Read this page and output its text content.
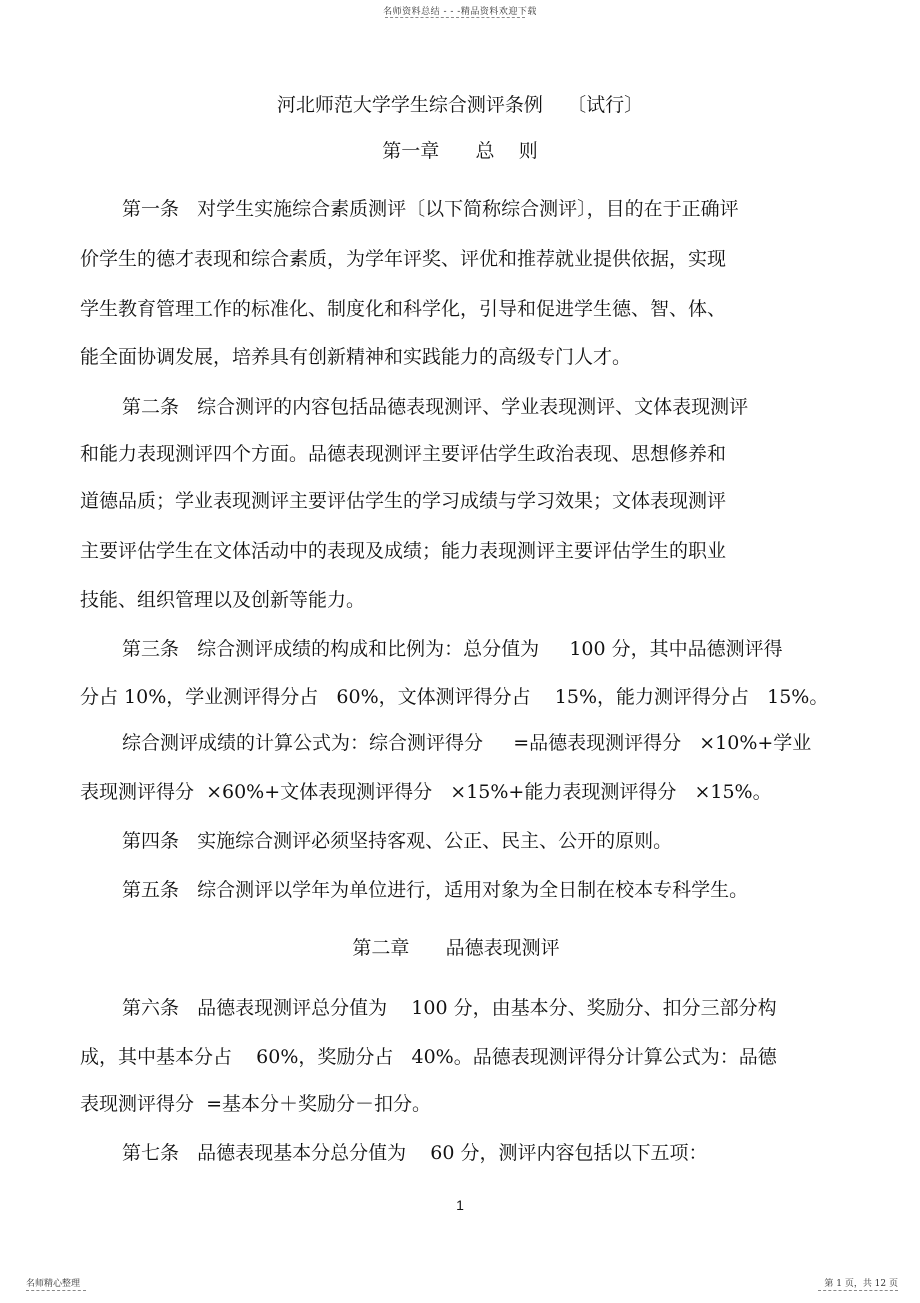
名师资料总结 - - -精品资料欢迎下载
河北师范大学学生综合测评条例    〔试行〕
第一章      总    则
第一条   对学生实施综合素质测评〔以下简称综合测评〕，目的在于正确评
价学生的德才表现和综合素质，为学年评奖、评优和推荐就业提供依据，实现
学生教育管理工作的标准化、制度化和科学化，引导和促进学生德、智、体、
能全面协调发展，培养具有创新精神和实践能力的高级专门人才。
第二条   综合测评的内容包括品德表现测评、学业表现测评、文体表现测评
和能力表现测评四个方面。品德表现测评主要评估学生政治表现、思想修养和
道德品质；学业表现测评主要评估学生的学习成绩与学习效果；文体表现测评
主要评估学生在文体活动中的表现及成绩；能力表现测评主要评估学生的职业
技能、组织管理以及创新等能力。
第三条   综合测评成绩的构成和比例为：总分值为     100 分，其中品德测评得
分占 10%，学业测评得分占   60%，文体测评得分占    15%，能力测评得分占   15%。
综合测评成绩的计算公式为：综合测评得分     =品德表现测评得分   ×10%+学业
表现测评得分  ×60%+文体表现测评得分   ×15%+能力表现测评得分   ×15%。
第四条   实施综合测评必须坚持客观、公正、民主、公开的原则。
第五条   综合测评以学年为单位进行，适用对象为全日制在校本专科学生。
第二章      品德表现测评
第六条   品德表现测评总分值为    100 分，由基本分、奖励分、扣分三部分构
成，其中基本分占    60%，奖励分占   40%。品德表现测评得分计算公式为：品德
表现测评得分  =基本分＋奖励分－扣分。
第七条   品德表现基本分总分值为    60 分，测评内容包括以下五项：
1
名师精心整理	第 1 页，共 12 页
